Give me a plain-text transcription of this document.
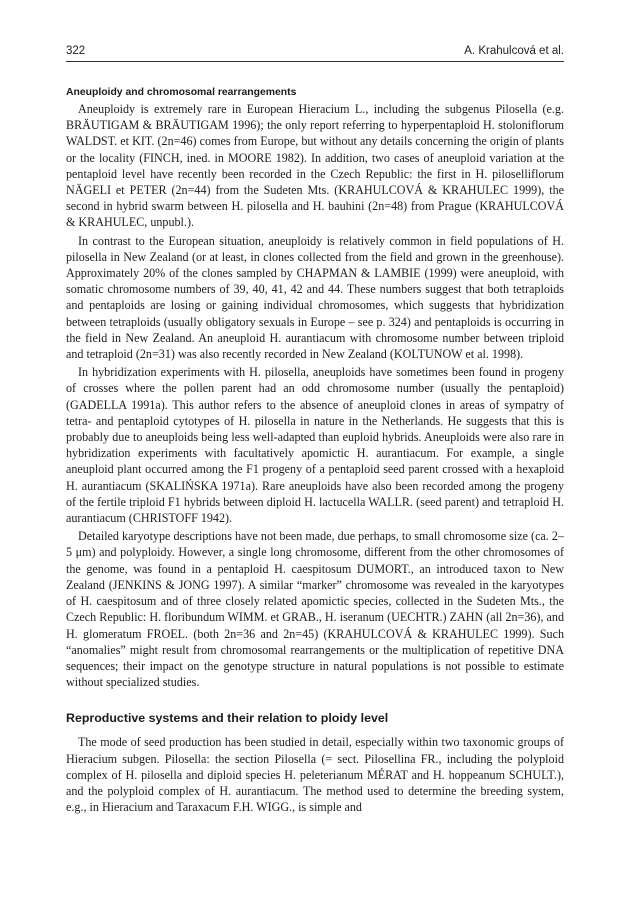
322	A. Krahulcová et al.
Aneuploidy and chromosomal rearrangements

Aneuploidy is extremely rare in European Hieracium L., including the subgenus Pilosella (e.g. BRÄUTIGAM & BRÄUTIGAM 1996); the only report referring to hyperpentaploid H. stoloniflorum WALDST. et KIT. (2n=46) comes from Europe, but without any details concerning the origin of plants or the locality (FINCH, ined. in MOORE 1982). In addition, two cases of aneuploid variation at the pentaploid level have recently been recorded in the Czech Republic: the first in H. piloselliflorum NÄGELI et PETER (2n=44) from the Sudeten Mts. (KRAHULCOVÁ & KRAHULEC 1999), the second in hybrid swarm between H. pilosella and H. bauhini (2n=48) from Prague (KRAHULCOVÁ & KRAHULEC, unpubl.).

In contrast to the European situation, aneuploidy is relatively common in field populations of H. pilosella in New Zealand (or at least, in clones collected from the field and grown in the greenhouse). Approximately 20% of the clones sampled by CHAPMAN & LAMBIE (1999) were aneuploid, with somatic chromosome numbers of 39, 40, 41, 42 and 44. These numbers suggest that both tetraploids and pentaploids are losing or gaining individual chromosomes, which suggests that hybridization between tetraploids (usually obligatory sexuals in Europe – see p. 324) and pentaploids is occurring in the field in New Zealand. An aneuploid H. aurantiacum with chromosome number between triploid and tetraploid (2n=31) was also recently recorded in New Zealand (KOLTUNOW et al. 1998).

In hybridization experiments with H. pilosella, aneuploids have sometimes been found in progeny of crosses where the pollen parent had an odd chromosome number (usually the pentaploid) (GADELLA 1991a). This author refers to the absence of aneuploid clones in areas of sympatry of tetra- and pentaploid cytotypes of H. pilosella in nature in the Netherlands. He suggests that this is probably due to aneuploids being less well-adapted than euploid hybrids. Aneuploids were also rare in hybridization experiments with facultatively apomictic H. aurantiacum. For example, a single aneuploid plant occurred among the F1 progeny of a pentaploid seed parent crossed with a hexaploid H. aurantiacum (SKALIŃSKA 1971a). Rare aneuploids have also been recorded among the progeny of the fertile triploid F1 hybrids between diploid H. lactucella WALLR. (seed parent) and tetraploid H. aurantiacum (CHRISTOFF 1942).

Detailed karyotype descriptions have not been made, due perhaps, to small chromosome size (ca. 2–5 μm) and polyploidy. However, a single long chromosome, different from the other chromosomes of the genome, was found in a pentaploid H. caespitosum DUMORT., an introduced taxon to New Zealand (JENKINS & JONG 1997). A similar “marker” chromosome was revealed in the karyotypes of H. caespitosum and of three closely related apomictic species, collected in the Sudeten Mts., the Czech Republic: H. floribundum WIMM. et GRAB., H. iseranum (UECHTR.) ZAHN (all 2n=36), and H. glomeratum FROEL. (both 2n=36 and 2n=45) (KRAHULCOVÁ & KRAHULEC 1999). Such “anomalies” might result from chromosomal rearrangements or the multiplication of repetitive DNA sequences; their impact on the genotype structure in natural populations is not possible to estimate without specialized studies.

Reproductive systems and their relation to ploidy level

The mode of seed production has been studied in detail, especially within two taxonomic groups of Hieracium subgen. Pilosella: the section Pilosella (= sect. Pilosellina FR., including the polyploid complex of H. pilosella and diploid species H. peleterianum MÉRAT and H. hoppeanum SCHULT.), and the polyploid complex of H. aurantiacum. The method used to determine the breeding system, e.g., in Hieracium and Taraxacum F.H. WIGG., is simple and
